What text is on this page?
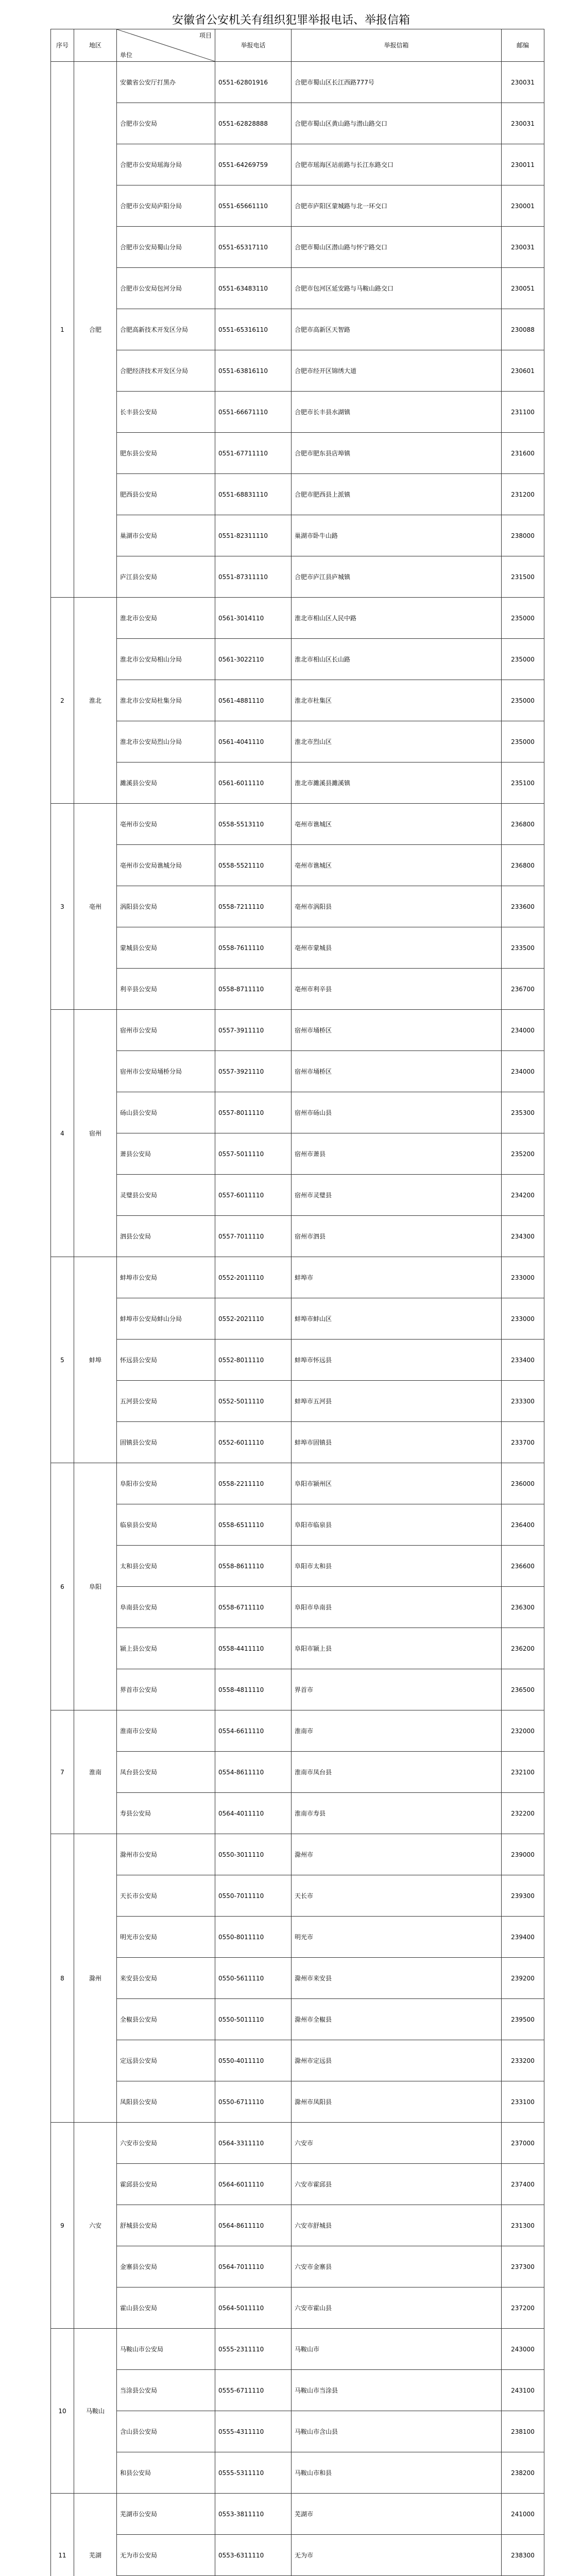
安徽省公安机关有组织犯罪举报电话、举报信箱
序号	地区	项目
单位	举报电话	举报信箱	邮编
1	合肥	安徽省公安厅打黑办	0551-62801916	合肥市蜀山区长江西路777号	230031
		合肥市公安局	0551-62828888	合肥市蜀山区黄山路与潜山路交口	230031
		合肥市公安局瑶海分局	0551-64269759	合肥市瑶海区站前路与长江东路交口	230011
		合肥市公安局庐阳分局	0551-65661110	合肥市庐阳区蒙城路与北一环交口	230001
		合肥市公安局蜀山分局	0551-65317110	合肥市蜀山区潜山路与怀宁路交口	230031
		合肥市公安局包河分局	0551-63483110	合肥市包河区延安路与马鞍山路交口	230051
		合肥高新技术开发区分局	0551-65316110	合肥市高新区天智路	230088
		合肥经济技术开发区分局	0551-63816110	合肥市经开区锦绣大道	230601
		长丰县公安局	0551-66671110	合肥市长丰县水湖镇	231100
		肥东县公安局	0551-67711110	合肥市肥东县店埠镇	231600
		肥西县公安局	0551-68831110	合肥市肥西县上派镇	231200
		巢湖市公安局	0551-82311110	巢湖市卧牛山路	238000
		庐江县公安局	0551-87311110	合肥市庐江县庐城镇	231500
2	淮北	淮北市公安局	0561-3014110	淮北市相山区人民中路	235000
		淮北市公安局相山分局	0561-3022110	淮北市相山区长山路	235000
		淮北市公安局杜集分局	0561-4881110	淮北市杜集区	235000
		淮北市公安局烈山分局	0561-4041110	淮北市烈山区	235000
		濉溪县公安局	0561-6011110	淮北市濉溪县濉溪镇	235100
3	亳州	亳州市公安局	0558-5513110	亳州市谯城区	236800
		亳州市公安局谯城分局	0558-5521110	亳州市谯城区	236800
		涡阳县公安局	0558-7211110	亳州市涡阳县	233600
		蒙城县公安局	0558-7611110	亳州市蒙城县	233500
		利辛县公安局	0558-8711110	亳州市利辛县	236700
4	宿州	宿州市公安局	0557-3911110	宿州市埇桥区	234000
		宿州市公安局埇桥分局	0557-3921110	宿州市埇桥区	234000
		砀山县公安局	0557-8011110	宿州市砀山县	235300
		萧县公安局	0557-5011110	宿州市萧县	235200
		灵璧县公安局	0557-6011110	宿州市灵璧县	234200
		泗县公安局	0557-7011110	宿州市泗县	234300
5	蚌埠	蚌埠市公安局	0552-2011110	蚌埠市	233000
		蚌埠市公安局蚌山分局	0552-2021110	蚌埠市蚌山区	233000
		怀远县公安局	0552-8011110	蚌埠市怀远县	233400
		五河县公安局	0552-5011110	蚌埠市五河县	233300
		固镇县公安局	0552-6011110	蚌埠市固镇县	233700
6	阜阳	阜阳市公安局	0558-2211110	阜阳市颍州区	236000
		临泉县公安局	0558-6511110	阜阳市临泉县	236400
		太和县公安局	0558-8611110	阜阳市太和县	236600
		阜南县公安局	0558-6711110	阜阳市阜南县	236300
		颍上县公安局	0558-4411110	阜阳市颍上县	236200
		界首市公安局	0558-4811110	界首市	236500
7	淮南	淮南市公安局	0554-6611110	淮南市	232000
		凤台县公安局	0554-8611110	淮南市凤台县	232100
		寿县公安局	0564-4011110	淮南市寿县	232200
8	滁州	滁州市公安局	0550-3011110	滁州市	239000
		天长市公安局	0550-7011110	天长市	239300
		明光市公安局	0550-8011110	明光市	239400
		来安县公安局	0550-5611110	滁州市来安县	239200
		全椒县公安局	0550-5011110	滁州市全椒县	239500
		定远县公安局	0550-4011110	滁州市定远县	233200
		凤阳县公安局	0550-6711110	滁州市凤阳县	233100
9	六安	六安市公安局	0564-3311110	六安市	237000
		霍邱县公安局	0564-6011110	六安市霍邱县	237400
		舒城县公安局	0564-8611110	六安市舒城县	231300
		金寨县公安局	0564-7011110	六安市金寨县	237300
		霍山县公安局	0564-5011110	六安市霍山县	237200
10	马鞍山	马鞍山市公安局	0555-2311110	马鞍山市	243000
		当涂县公安局	0555-6711110	马鞍山市当涂县	243100
		含山县公安局	0555-4311110	马鞍山市含山县	238100
		和县公安局	0555-5311110	马鞍山市和县	238200
11	芜湖	芜湖市公安局	0553-3811110	芜湖市	241000
		无为市公安局	0553-6311110	无为市	238300
